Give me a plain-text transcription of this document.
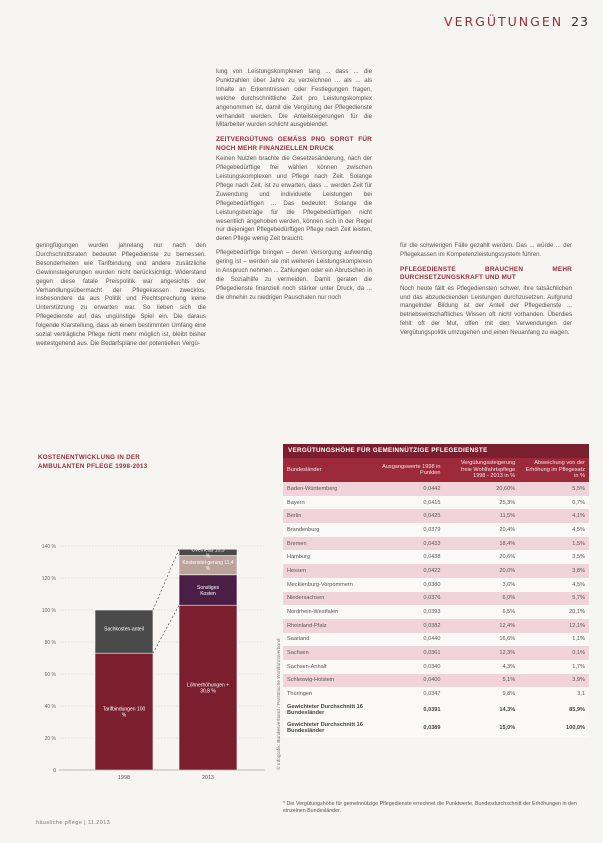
VERGÜTUNGEN 23

lung von Leistungskomplexen lang ... dass ... die Punktzahlen über Jahre zu verzeichnen ... als ... als Inhalte an Erkenntnissen oder Festlegungen fragen, welche durchschnittliche Zeit pro Leistungskomplex angenommen ist, damit die Vergütung der Pflegedienste verhandelt werden. Die Anteilsteigerungen für die Mitarbeiter wurden schlicht ausgeblendet.

ZEITVERGÜTUNG GEMÄSS PNG SORGT FÜR NOCH MEHR FINANZIELLEN DRUCK

Keinen Nutzen brachte die Gesetzesänderung, nach der Pflegebedürftige frei wählen können zwischen Leistungskomplexen und Pflege nach Zeit. Solange Pflege nach Zeit, ist zu erwarten, dass ... werden Zeit für Zuwendung und individuelle Leistungen bei Pflegebedürftigen ... Das bedeutet: Solange die Leistungsbeträge für die Pflegebedürftigen nicht wesentlich angehoben werden, können sich in der Regel nur diejenigen Pflegebedürftigen Pflege nach Zeit leisten, deren Pflege wenig Zeit braucht.

Pflegebedürftige bringen – deren Versorgung aufwendig gering ist – werden sie mit weiteren Leistungskomplexen in Anspruch nehmen ... Zahlungen oder ein Abrutschen in die Sozialhilfe zu vermeiden. Damit geraten die Pflegedienste finanziell noch stärker unter Druck, da ... die ohnehin zu niedrigen Pauschalen nur noch

geringfügungen wurden jahrelang nur nach den Durchschnittsraten bedeutet Pflegedienste zu bemessen. Besonderheiten wie Tarifbindung und andere zusätzliche Gewinnsteigerungen wurden nicht berücksichtigt. Widerstand gegen diese fatale Preispolitik war angesichts der Verhandlungsübermacht der Pflegekassen zwecklos, insbesondere da aus Politik und Rechtsprechung keine Unterstützung zu erwarten war. So lieben sich die Pflegedienste auf das ungünstige Spiel ein. Die daraus folgende Klarstellung, dass ab einem bestimmten Umfang eine sozial verträgliche Pflege nicht mehr möglich ist, bleibt bisher weitestgehend aus. Die Bedarfspläne der potentiellen Vergü-

für die schwierigen Fälle gezahlt werden. Das ... würde ... der Pflegekassen im Kompetenzleistungssystem führen.

PFLEGEDIENSTE BRAUCHEN MEHR DURCHSETZUNGSKRAFT UND MUT

Noch heute fällt es Pflegediensten schwer, ihre tatsächlichen und das abzudeckenden Leistungen durchzusetzen. Aufgrund mangelnder Bildung ist der Anteil der Pflegedienste ... betriebswirtschaftliches Wissen oft nicht vorhanden. Überdies fehlt oft der Mut, offen mit den Verwendungen der Vergütungspolitik umzugehen und einen Neuanfang zu wagen.

KOSTENENTWICKLUNG IN DER AMBULANTEN PFLEGE 1998-2013
0
20 %
40 %
60 %
80 %
100 %
120 %
140 %
Tarifbindungen 100 %
Sachkosten-anteil
1998
Löhnerhöhungen + 30,8 %
Sonstiges Kosten
Kostenstei-gerung 11,4 %
Overhead 15,5 %
2013
© Infografik: Bundesverband / Paritätische Wohlfahrtsverband
VERGÜTUNGSHÖHE FÜR GEMEINNÜTZIGE PFLEGEDIENSTE
Bundesländer	Ausgangswerte 1998 in Punkten	Vergütungssteigerung freie Wohlfahrtspflege 1998 - 2013 in %	Abweichung von der Erhöhung im Pflegesatz in %
Baden-Württemberg	0,0442	20,60%	5,5%
Bayern	0,0415	25,3%	0,7%
Berlin	0,0425	11,5%	4,1%
Brandenburg	0,0379	20,4%	4,5%
Bremen	0,0433	18,4%	1,5%
Hamburg	0,0438	20,6%	3,5%
Hessen	0,0422	20,0%	3,8%
Mecklenburg-Vorpommern	0,0380	3,6%	4,5%
Niedersachsen	0,0376	6,0%	5,7%
Nordrhein-Westfalen	0,0393	6,5%	20,1%
Rheinland-Pfalz	0,0382	12,4%	12,1%
Saarland	0,0440	16,6%	1,1%
Sachsen	0,0361	12,3%	0,1%
Sachsen-Anhalt	0,0340	4,3%	1,7%
Schleswig-Holstein	0,0400	5,1%	3,9%
Thüringen	0,0347	9,8%	3,1
Gewichteter Durchschnitt 16 Bundesländer	0,0391	14,3%	85,9%
Gewichteter Durchschnitt 16 Bundesländer	0,0389	15,0%	100,0%
* Die Vergütungshöhe für gemeinnützige Pflegedienste errechnet die Punktwerte. Bundesdurchschnitt der Erhöhungen in den einzelnen Bundesländer.
häusliche pflege | 11.2013
